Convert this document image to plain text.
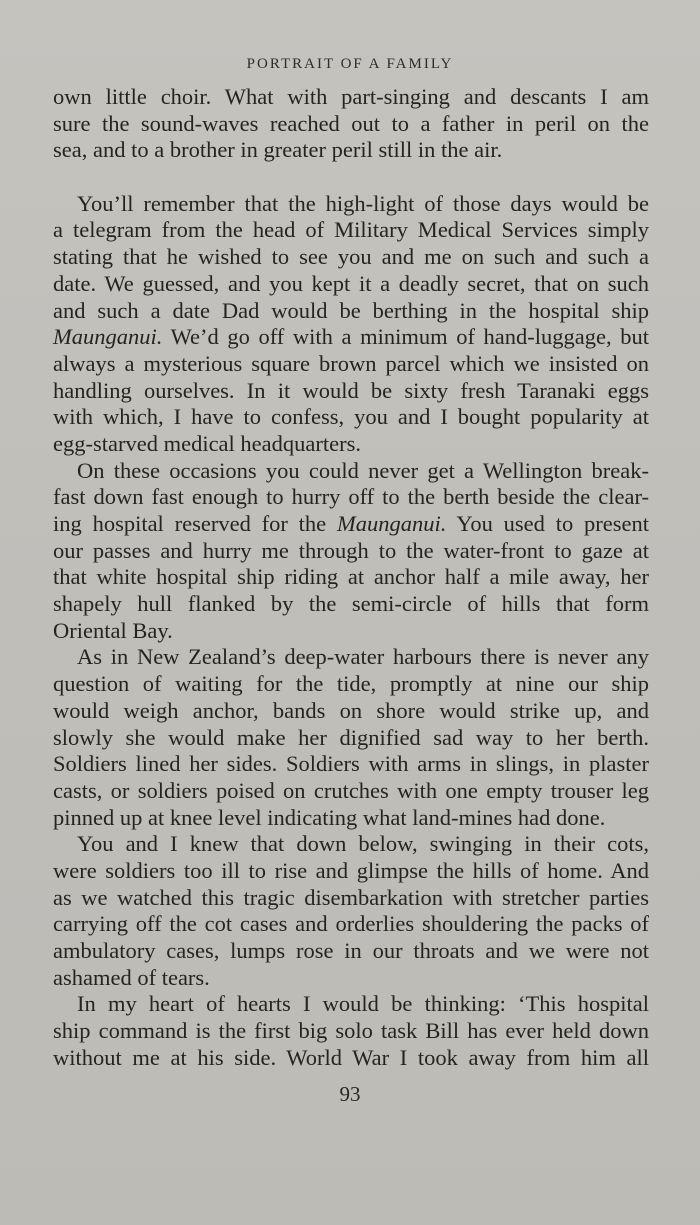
PORTRAIT OF A FAMILY
own little choir. What with part-singing and descants I am
sure the sound-waves reached out to a father in peril on the
sea, and to a brother in greater peril still in the air.
You’ll remember that the high-light of those days would be
a telegram from the head of Military Medical Services simply
stating that he wished to see you and me on such and such a
date. We guessed, and you kept it a deadly secret, that on such
and such a date Dad would be berthing in the hospital ship
Maunganui. We’d go off with a minimum of hand-luggage, but
always a mysterious square brown parcel which we insisted on
handling ourselves. In it would be sixty fresh Taranaki eggs
with which, I have to confess, you and I bought popularity at
egg-starved medical headquarters.
On these occasions you could never get a Wellington break-
fast down fast enough to hurry off to the berth beside the clear-
ing hospital reserved for the Maunganui. You used to present
our passes and hurry me through to the water-front to gaze at
that white hospital ship riding at anchor half a mile away, her
shapely hull flanked by the semi-circle of hills that form
Oriental Bay.
As in New Zealand’s deep-water harbours there is never any
question of waiting for the tide, promptly at nine our ship
would weigh anchor, bands on shore would strike up, and
slowly she would make her dignified sad way to her berth.
Soldiers lined her sides. Soldiers with arms in slings, in plaster
casts, or soldiers poised on crutches with one empty trouser leg
pinned up at knee level indicating what land-mines had done.
You and I knew that down below, swinging in their cots,
were soldiers too ill to rise and glimpse the hills of home. And
as we watched this tragic disembarkation with stretcher parties
carrying off the cot cases and orderlies shouldering the packs of
ambulatory cases, lumps rose in our throats and we were not
ashamed of tears.
In my heart of hearts I would be thinking: ‘This hospital
ship command is the first big solo task Bill has ever held down
without me at his side. World War I took away from him all
93
